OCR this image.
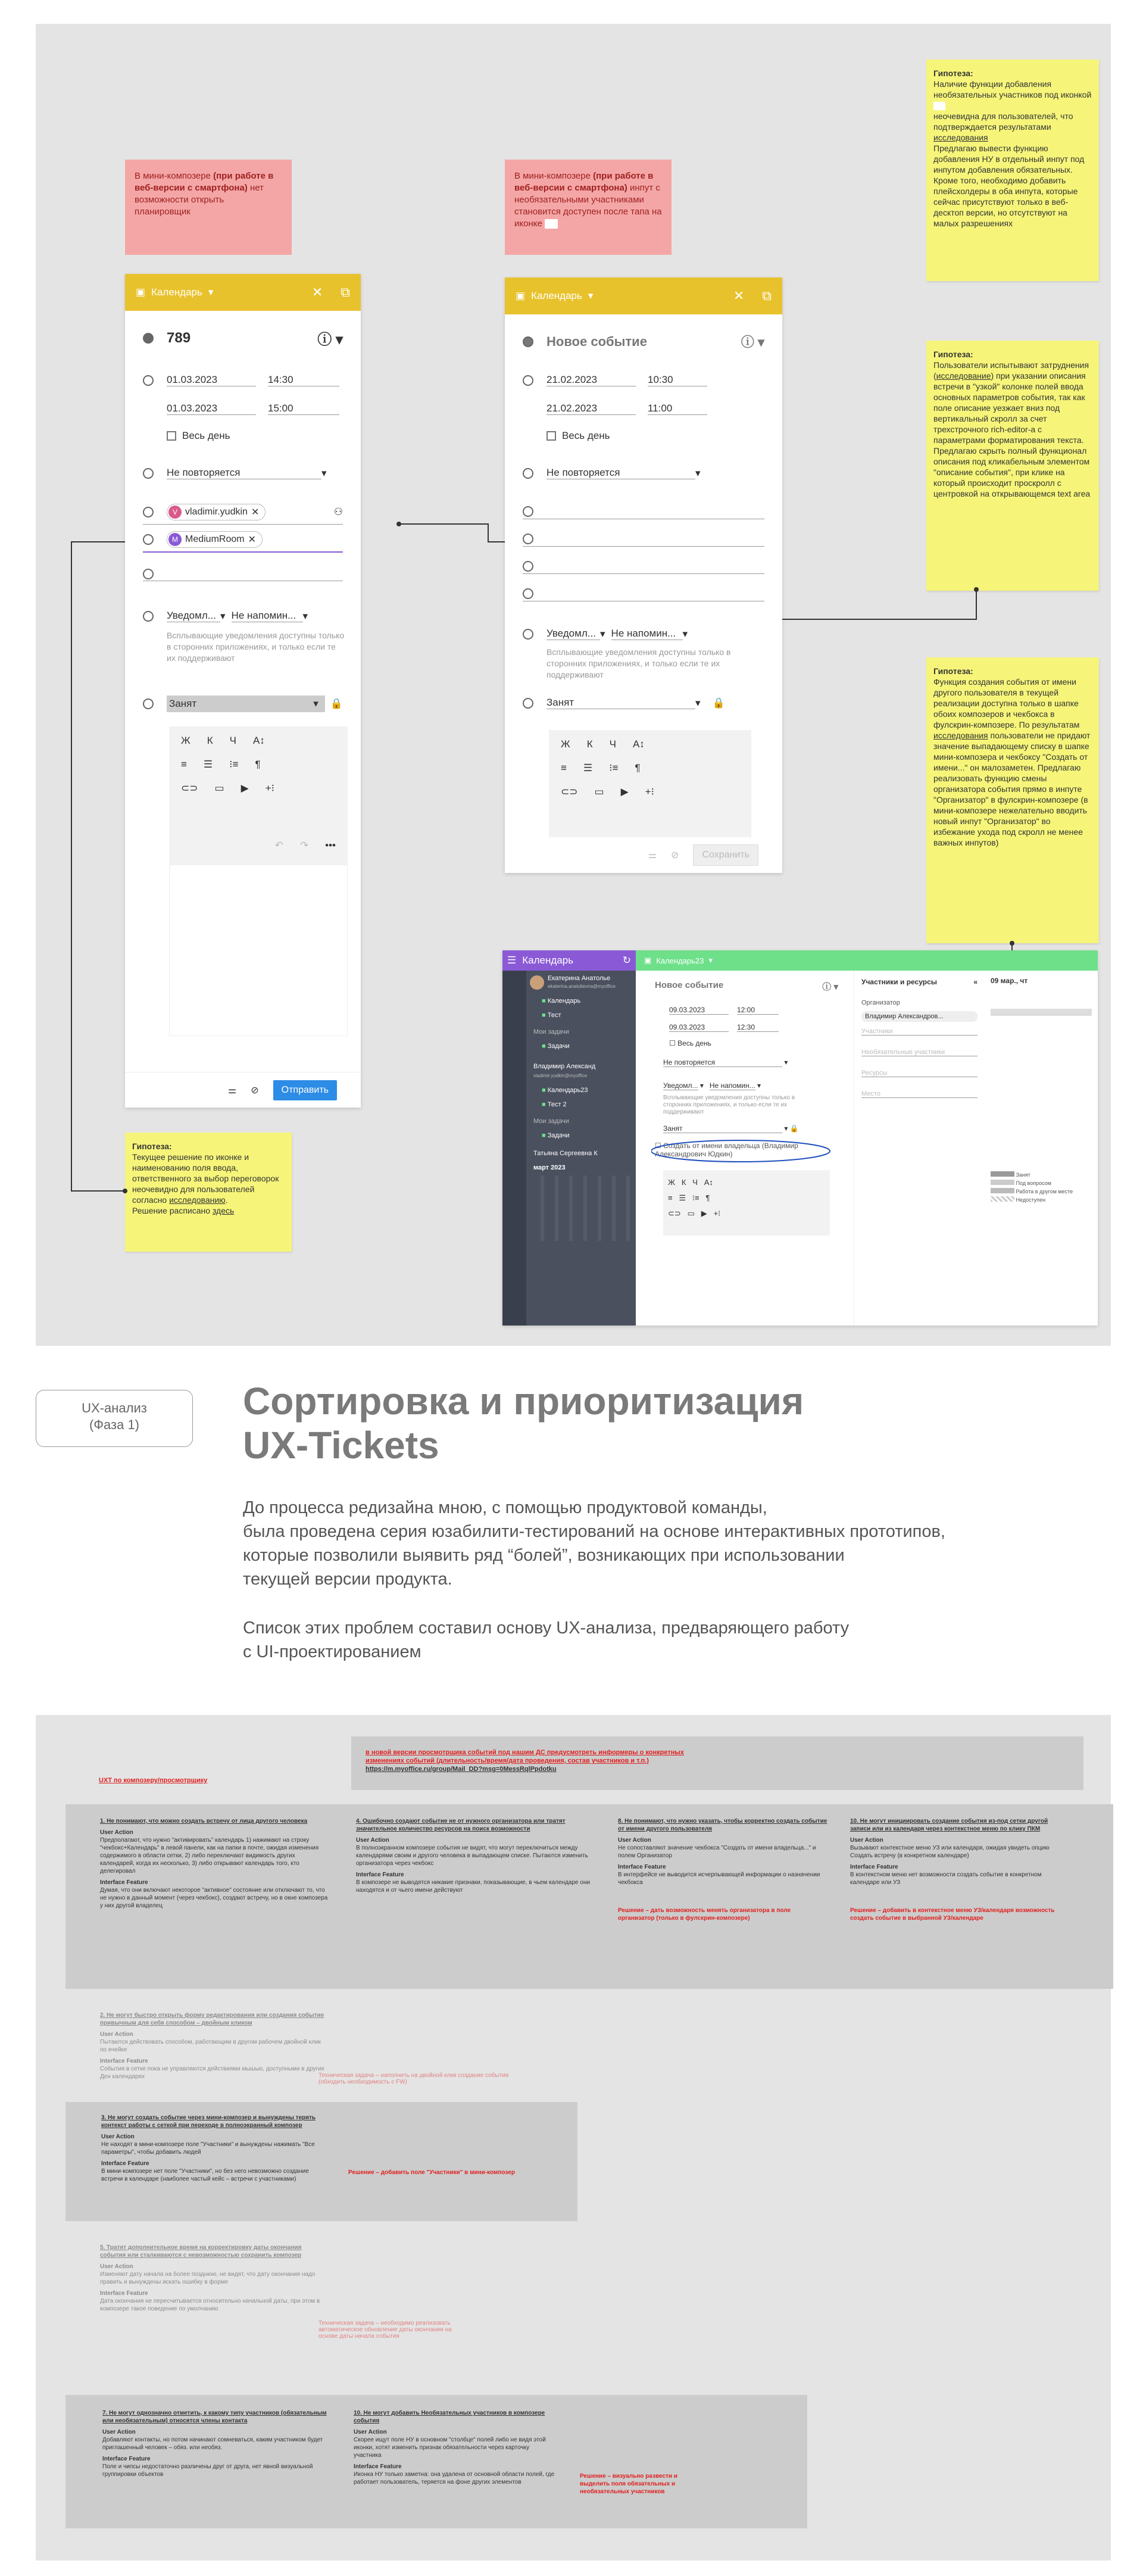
В мини-композере (при работе в веб-версии с смартфона) нет возможности открыть планировщик
В мини-композере (при работе в веб-версии с смартфона) инпут с необязательными участниками становится доступен после тапа на иконке
Гипотеза:
Наличие функции добавления необязательных участников под иконкой
неочевидна для пользователей, что подтверждается результатами исследования
Предлагаю вывести функцию добавления НУ в отдельный инпут под инпутом добавления обязательных. Кроме того, необходимо добавить плейсхолдеры в оба инпута, которые сейчас присутствуют только в веб-десктоп версии, но отсутствуют на малых разрешениях
Гипотеза:
Пользователи испытывают затруднения (исследование) при указании описания встречи в "узкой" колонке полей ввода основных параметров события, так как поле описание уезжает вниз под вертикальный скролл за счет трехстрочного rich-editor-а с параметрами форматирования текста. Предлагаю скрыть полный функционал описания под кликабельным элементом "описание события", при клике на который происходит проскролл с центровкой на открывающемся text area
Гипотеза:
Функция создания события от имени другого пользователя в текущей реализации доступна только в шапке обоих композеров и чекбокса в фулскрин-композере. По результатам исследования пользователи не придают значение выпадающему списку в шапке мини-композера и чекбоксу "Создать от имени..." он малозаметен. Предлагаю реализовать функцию смены организатора события прямо в инпуте "Организатор" в фулскрин-композере (в мини-композере нежелательно вводить новый инпут "Организатор" во избежание ухода под скролл не менее важных инпутов)
Гипотеза:
Текущее решение по иконке и наименованию поля ввода, ответственного за выбор переговорок неочевидно для пользователей согласно исследованию.
Решение расписано здесь
▣ Календарь ▾	✕ ⧉
789	ⓘ ▾
01.03.2023	14:30
01.03.2023	15:00
Весь день
Не повторяется	▾
V vladimir.yudkin ✕	⚇
M MediumRoom ✕
Уведомл... ▾ Не напомин... ▾
Всплывающие уведомления доступны только в сторонних приложениях, и только если те их поддерживают
Занят	▾ 🔒
Ж К Ч A↕
≡ ☰ ⁝≡ ¶
⊂⊃ ▭ ▶ +⁝
↶ ↷ •••
⚌ ⊘	Отправить
▣ Календарь ▾	✕ ⧉
Новое событие	ⓘ ▾
21.02.2023	10:30
21.02.2023	11:00
Весь день
Не повторяется	▾
Уведомл... ▾ Не напомин... ▾
Всплывающие уведомления доступны только в сторонних приложениях, и только если те их поддерживают
Занят	▾ 🔒
Ж К Ч A↕
≡ ☰ ⁝≡ ¶
⊂⊃ ▭ ▶ +⁝
⚌ ⊘	Сохранить
☰ Календарь	↻ ▣ Календарь23 ▾
Екатерина Анатолье
ekaterina.anatolievna@myoffice
■ Календарь
■ Тест
Мои задачи
■ Задачи
Владимир Александ
vladimir.yudkin@myoffice
■ Календарь23
■ Тест 2
Мои задачи
■ Задачи
Татьяна Сергеевна К
март 2023
Новое событие	ⓘ ▾
09.03.2023	12:00
09.03.2023	12:30
☐ Весь день
Не повторяется	▾
Уведомл... ▾   Не напомин... ▾
Всплывающие уведомления доступны только в сторонних приложениях, и только если те их поддерживают
Занят	▾ 🔒
☐ Создать от имени владельца (Владимир Александрович Юдкин)
Ж   К   Ч   A↕
≡   ☰   ⁝≡   ¶
⊂⊃   ▭   ▶   +⁝
Участники и ресурсы	«
Организатор
Владимир Александров...
Участники
Необязательные участники
Ресурсы
Место
09 мар., чт
Занят
Под вопросом
Работа в другом месте
Недоступен
UX-анализ
(Фаза 1)
Сортировка и приоритизация
UX-Tickets
До процесса редизайна мною, с помощью продуктовой команды,
была проведена серия юзабилити-тестирований на основе интерактивных прототипов,
которые позволили выявить ряд “болей”, возникающих при использовании
текущей версии продукта.
Список этих проблем составил основу UX-анализа, предваряющего работу
с UI-проектированием
UXT по композеру/просмотрщику
в новой версии просмотрщика событий под нашим ДС предусмотреть информеры о конкретных изменениях событий (длительность/время/дата проведения, состав участников и т.п.)
https://m.myoffice.ru/group/Mail_DD?msg=0MessRqlPpdotku
1. Не понимают, что можно создать встречу от лица другого человека
User Action
Предполагают, что нужно "активировать" календарь 1) нажимают на строку "чекбокс+Календарь" в левой панели, как на папки в почте, ожидая изменения содержимого в области сетки, 2) либо переключают видимость других календарей, когда их несколько, 3) либо открывают календарь того, кто делегировал
Interface Feature
Думая, что они включают некоторое "активное" состояние или отключают то, что не нужно в данный момент (через чекбокс), создают встречу, но в окне композера у них другой владелец
4. Ошибочно создают событие не от нужного организатора или тратят значительное количество ресурсов на поиск возможности
User Action
В полноэкранном композере события не видят, что могут переключиться между календарями своим и другого человека в выпадающем списке. Пытаются изменить организатора через чекбокс
Interface Feature
В композере не выводятся никакие признаки, показывающие, в чьем календаре они находятся и от чьего имени действуют
8. Не понимают, что нужно указать, чтобы корректно создать событие от имени другого пользователя
User Action
Не сопоставляют значение чекбокса "Создать от имени владельца..." и полем Организатор
Interface Feature
В интерфейсе не выводится исчерпывающей информации о назначении чекбокса
Решение – дать возможность менять организатора в поле организатор (только в фулскрин-композере)
10. Не могут инициировать создание события из-под сетки другой записи или из календаря через контекстное меню по клику ПКМ
User Action
Вызывают контекстное меню УЗ или календаря, ожидая увидеть опцию Создать встречу (в конкретном календаре)
Interface Feature
В контекстном меню нет возможности создать событие в конкретном календаре или УЗ
Решение – добавить в контекстное меню УЗ/календаря возможность создать событие в выбранной УЗ/календаре
2. Не могут быстро открыть форму редактирования или создания событие привычным для себя способом – двойным кликом
User Action
Пытаются действовать способом, работающим в другом рабочем двойной клик по ячейке
Interface Feature
События в сетке пока не управляются действиями мышью, доступными в других Ден календарях	Техническая задача – наполнить на двойной клик создание события (обходить необходимость с FW)
3. Не могут создать событие через мини-композер и вынуждены терять контекст работы с сеткой при переходе в полноэкранный композер
User Action
Не находят в мини-композере поле "Участники" и вынуждены нажимать "Все параметры", чтобы добавить людей
Interface Feature
В мини-композере нет поле "Участники", но без него невозможно создание встречи в календаре (наиболее частый кейс – встречи с участниками)
Решение – добавить поле "Участники" в мини-композер
5. Тратят дополнительное время на корректировку даты окончания события или сталкиваются с невозможностью сохранить композер
User Action
Изменяют дату начала на более позднюю, не видят, что дату окончания надо править и вынуждены искать ошибку в форме
Interface Feature
Дата окончания не пересчитывается относительно начальной даты, при этом в композере такое поведение по умолчанию
Техническая задача – необходимо реализовать автоматическое обновление даты окончания на основе даты начала события
7. Не могут однозначно отметить, к какому типу участников (обязательным или необязательным) относятся члены контакта
User Action
Добавляют контакты, но потом начинают сомневаться, каким участником будет приглашенный человек – обяз. или необяз.
Interface Feature
Поле и чипсы недостаточно различены друг от друга, нет явной визуальной группировки объектов
10. Не могут добавить Необязательных участников в композере события
User Action
Скорее ищут поле НУ в основном "столбце" полей либо не видя этой иконки, хотят изменить признак обязательности через карточку участника
Interface Feature
Иконка НУ только заметна: она удалена от основной области полей, где работает пользователь, теряется на фоне других элементов
Решение – визуально развести и выделить поля обязательных и необязательных участников
